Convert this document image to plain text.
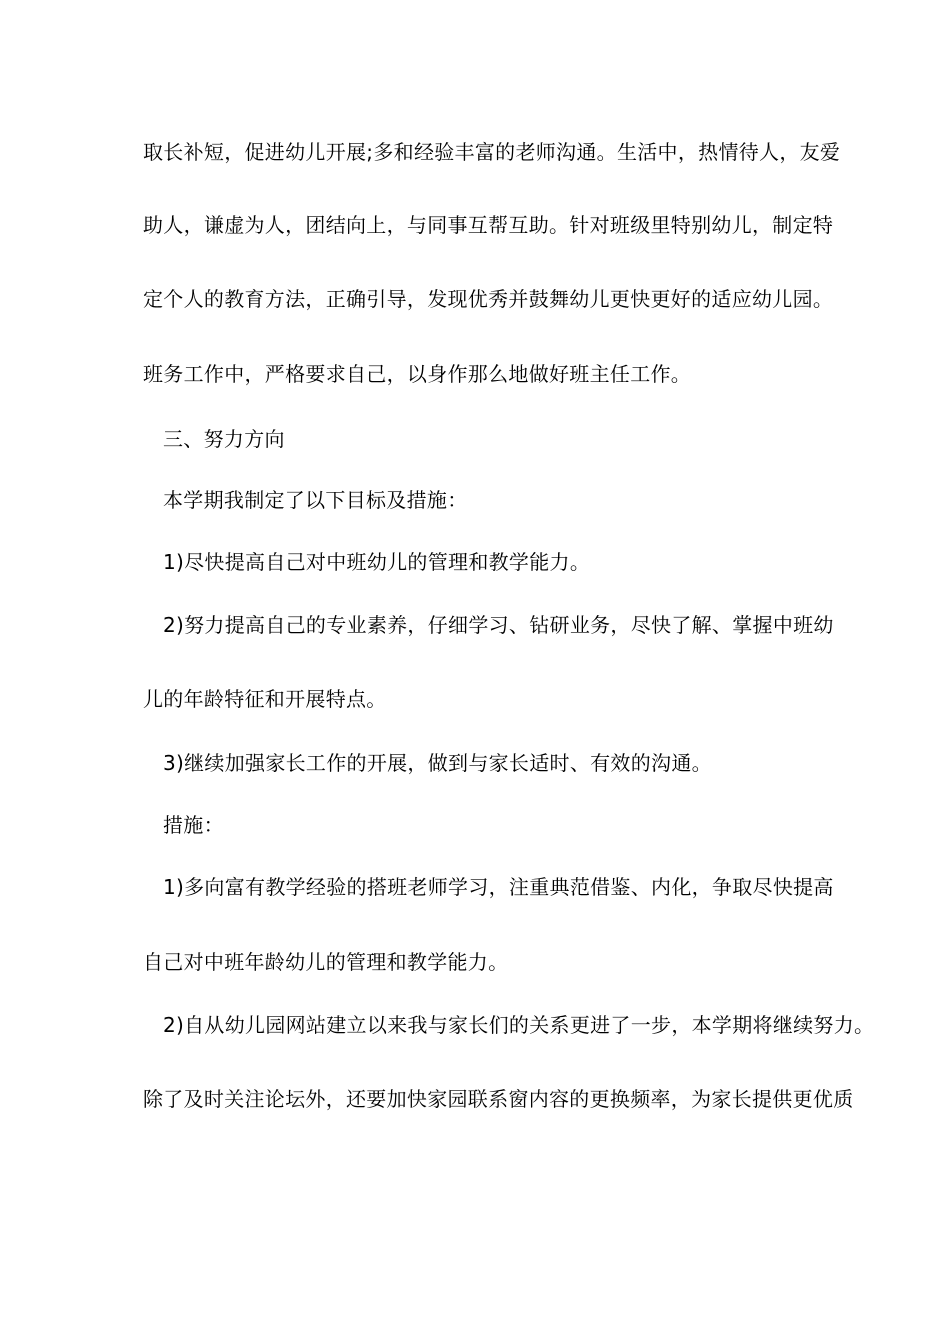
取长补短，促进幼儿开展;多和经验丰富的老师沟通。生活中，热情待人，友爱
助人，谦虚为人，团结向上，与同事互帮互助。针对班级里特别幼儿，制定特
定个人的教育方法，正确引导，发现优秀并鼓舞幼儿更快更好的适应幼儿园。
班务工作中，严格要求自己，以身作那么地做好班主任工作。
三、努力方向
本学期我制定了以下目标及措施：
1)尽快提高自己对中班幼儿的管理和教学能力。
2)努力提高自己的专业素养，仔细学习、钻研业务，尽快了解、掌握中班幼
儿的年龄特征和开展特点。
3)继续加强家长工作的开展，做到与家长适时、有效的沟通。
措施：
1)多向富有教学经验的搭班老师学习，注重典范借鉴、内化，争取尽快提高
自己对中班年龄幼儿的管理和教学能力。
2)自从幼儿园网站建立以来我与家长们的关系更进了一步，本学期将继续努力。
除了及时关注论坛外，还要加快家园联系窗内容的更换频率，为家长提供更优质
